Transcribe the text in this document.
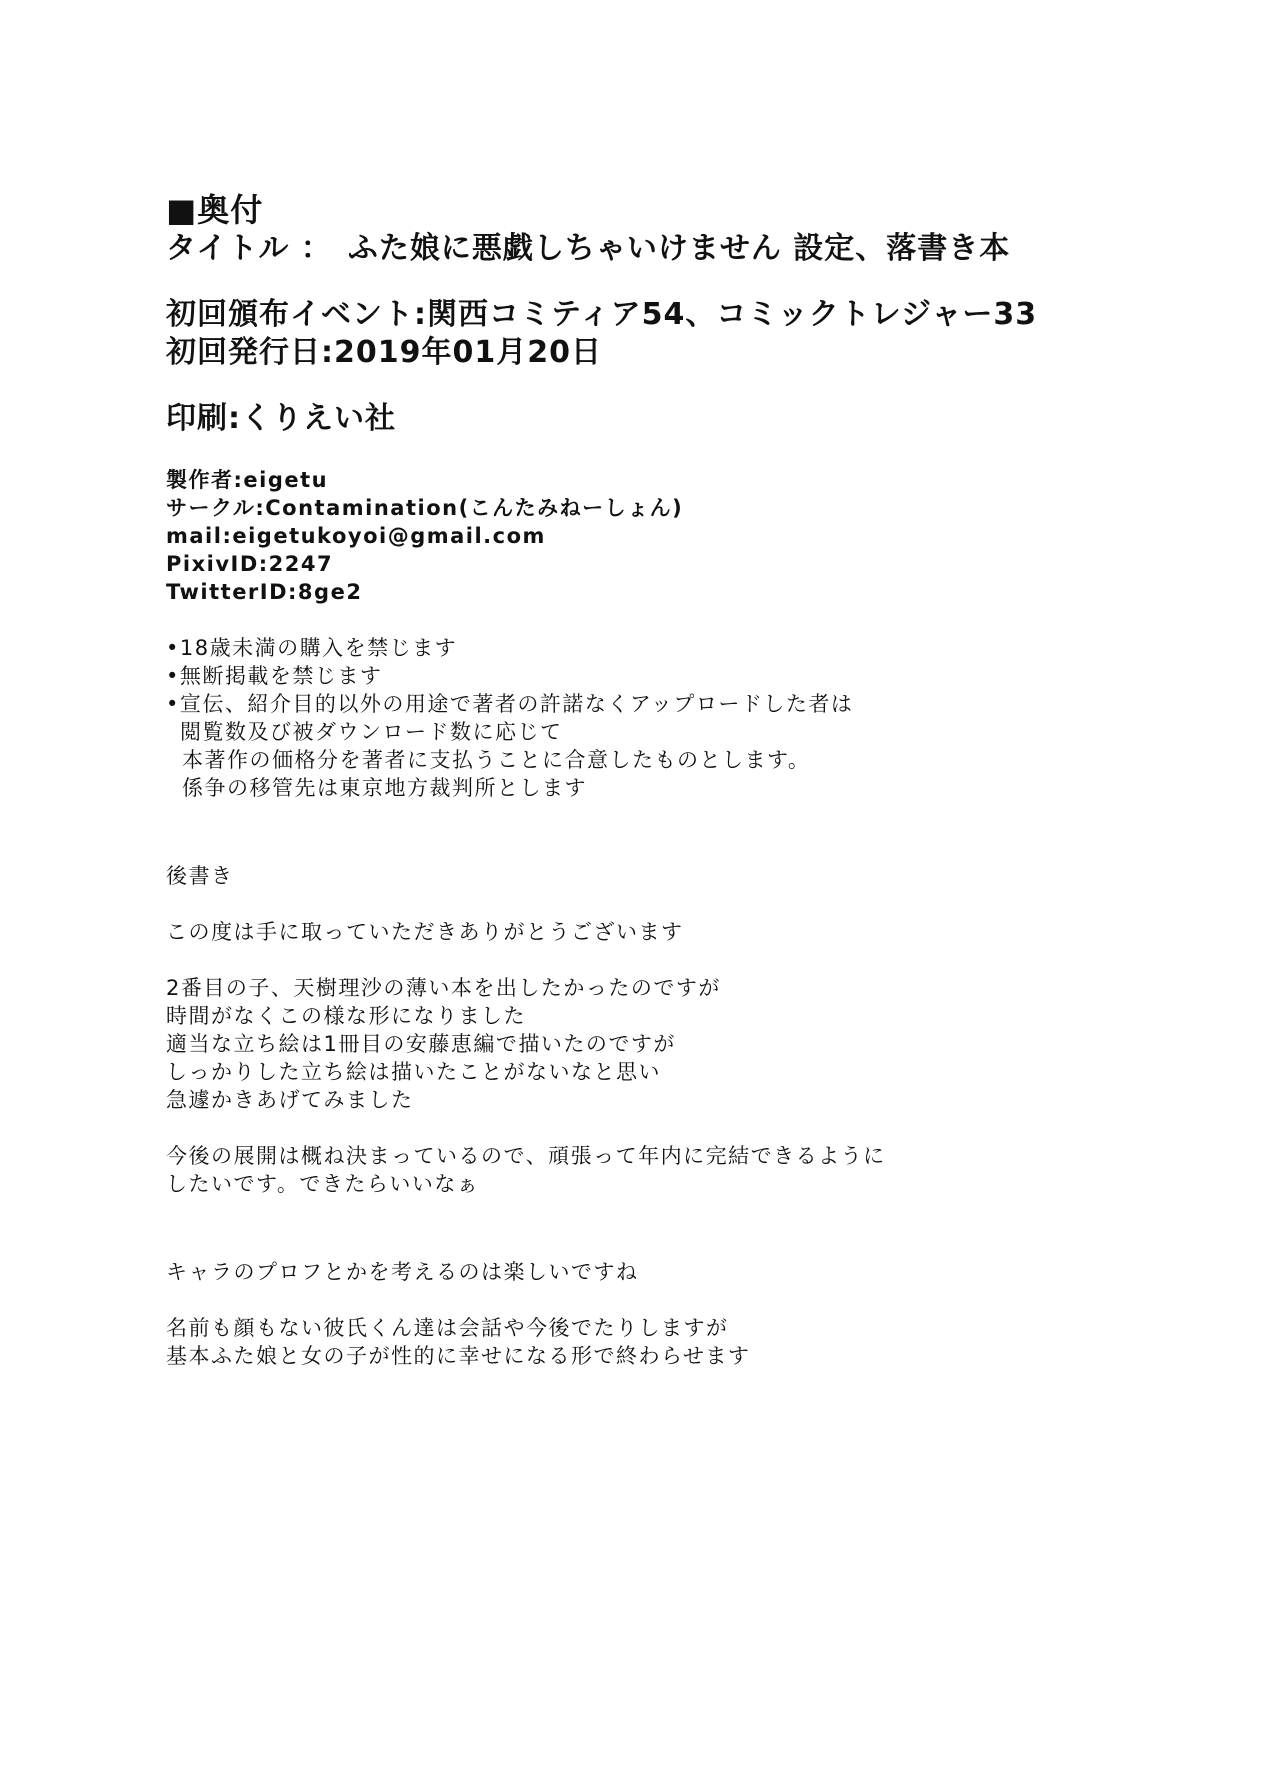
■奥付
タイトル ：　ふた娘に悪戯しちゃいけません 設定、落書き本
初回頒布イベント:関西コミティア54、コミックトレジャー33
初回発行日:2019年01月20日
印刷:くりえい社
製作者:eigetu
サークル:Contamination(こんたみねーしょん)
mail:eigetukoyoi@gmail.com
PixivID:2247
TwitterID:8ge2
•18歳未満の購入を禁じます
•無断掲載を禁じます
•宣伝、紹介目的以外の用途で著者の許諾なくアップロードした者は
閲覧数及び被ダウンロード数に応じて
本著作の価格分を著者に支払うことに合意したものとします。
係争の移管先は東京地方裁判所とします
後書き
この度は手に取っていただきありがとうございます
2番目の子、天樹理沙の薄い本を出したかったのですが
時間がなくこの様な形になりました
適当な立ち絵は1冊目の安藤恵編で描いたのですが
しっかりした立ち絵は描いたことがないなと思い
急遽かきあげてみました
今後の展開は概ね決まっているので、頑張って年内に完結できるように
したいです。できたらいいなぁ
キャラのプロフとかを考えるのは楽しいですね
名前も顔もない彼氏くん達は会話や今後でたりしますが
基本ふた娘と女の子が性的に幸せになる形で終わらせます
